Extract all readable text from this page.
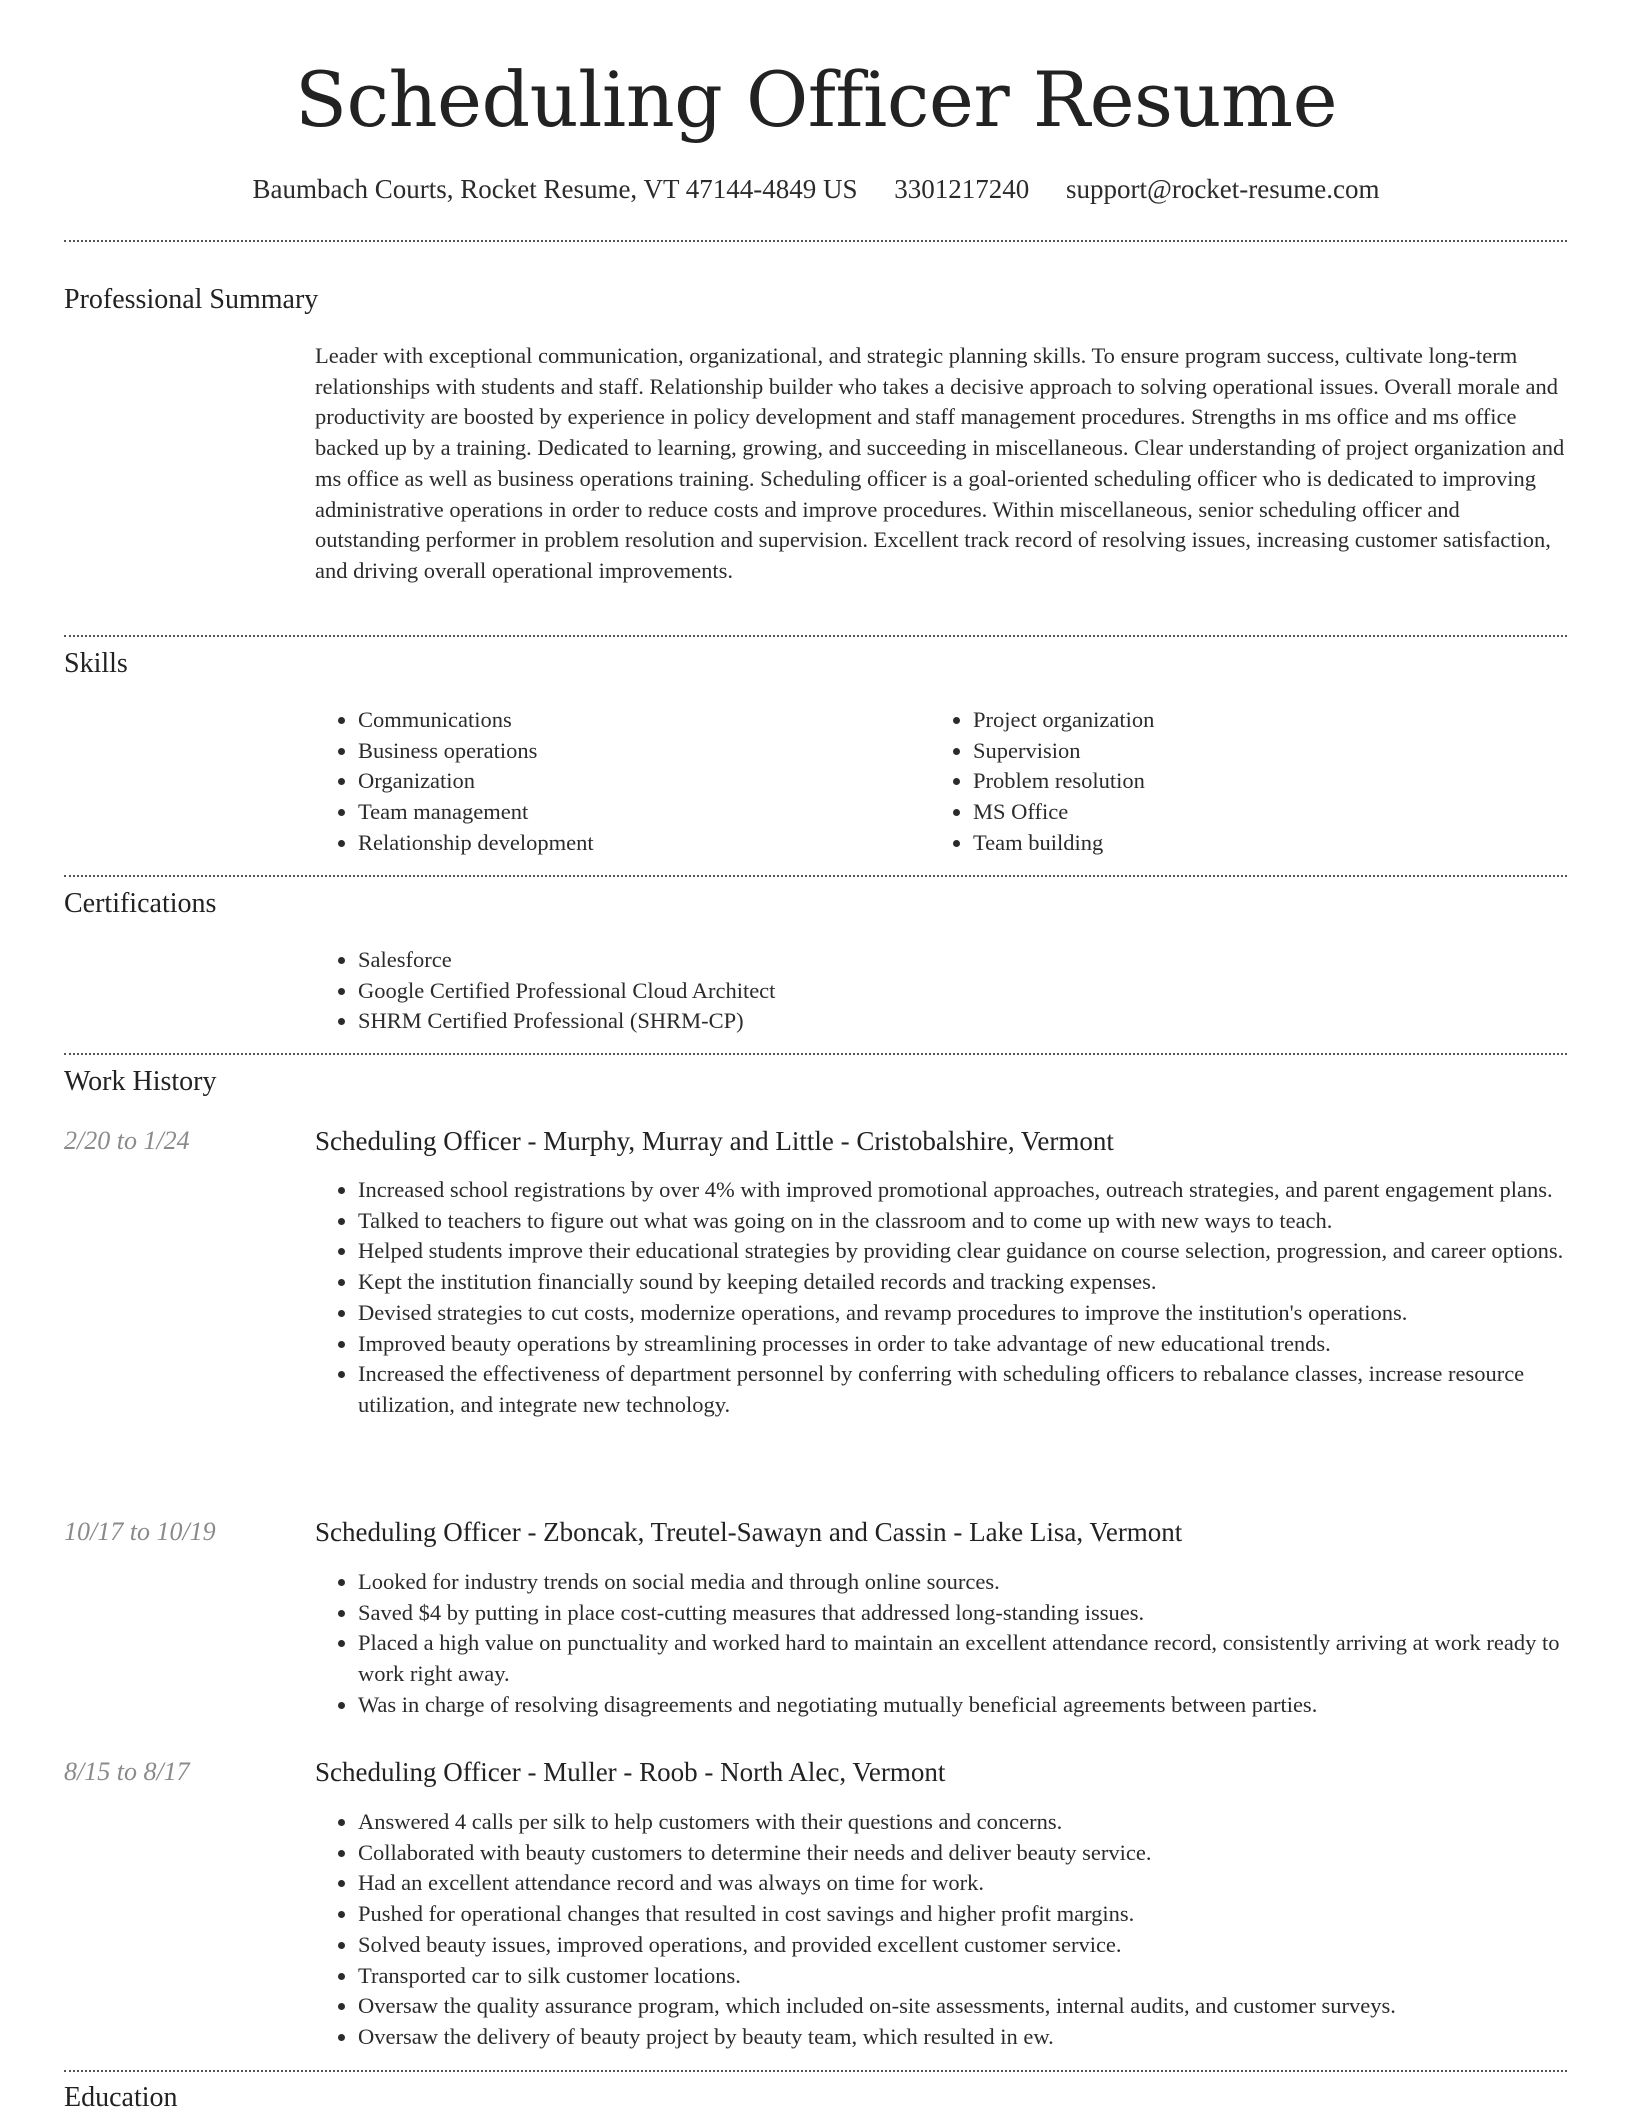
Scheduling Officer Resume
Baumbach Courts, Rocket Resume, VT 47144-4849 US 3301217240 support@rocket-resume.com
Professional Summary

Leader with exceptional communication, organizational, and strategic planning skills. To ensure program success, cultivate long-term relationships with students and staff. Relationship builder who takes a decisive approach to solving operational issues. Overall morale and productivity are boosted by experience in policy development and staff management procedures. Strengths in ms office and ms office backed up by a training. Dedicated to learning, growing, and succeeding in miscellaneous. Clear understanding of project organization and ms office as well as business operations training. Scheduling officer is a goal-oriented scheduling officer who is dedicated to improving administrative operations in order to reduce costs and improve procedures. Within miscellaneous, senior scheduling officer and outstanding performer in problem resolution and supervision. Excellent track record of resolving issues, increasing customer satisfaction, and driving overall operational improvements.

Skills
• Communications
• Business operations
• Organization
• Team management
• Relationship development
• Project organization
• Supervision
• Problem resolution
• MS Office
• Team building
Certifications
• Salesforce
• Google Certified Professional Cloud Architect
• SHRM Certified Professional (SHRM-CP)
Work History
2/20 to 1/24	Scheduling Officer - Murphy, Murray and Little - Cristobalshire, Vermont
• Increased school registrations by over 4% with improved promotional approaches, outreach strategies, and parent engagement plans.
• Talked to teachers to figure out what was going on in the classroom and to come up with new ways to teach.
• Helped students improve their educational strategies by providing clear guidance on course selection, progression, and career options.
• Kept the institution financially sound by keeping detailed records and tracking expenses.
• Devised strategies to cut costs, modernize operations, and revamp procedures to improve the institution's operations.
• Improved beauty operations by streamlining processes in order to take advantage of new educational trends.
• Increased the effectiveness of department personnel by conferring with scheduling officers to rebalance classes, increase resource utilization, and integrate new technology.
10/17 to 10/19	Scheduling Officer - Zboncak, Treutel-Sawayn and Cassin - Lake Lisa, Vermont
• Looked for industry trends on social media and through online sources.
• Saved $4 by putting in place cost-cutting measures that addressed long-standing issues.
• Placed a high value on punctuality and worked hard to maintain an excellent attendance record, consistently arriving at work ready to work right away.
• Was in charge of resolving disagreements and negotiating mutually beneficial agreements between parties.
8/15 to 8/17	Scheduling Officer - Muller - Roob - North Alec, Vermont
• Answered 4 calls per silk to help customers with their questions and concerns.
• Collaborated with beauty customers to determine their needs and deliver beauty service.
• Had an excellent attendance record and was always on time for work.
• Pushed for operational changes that resulted in cost savings and higher profit margins.
• Solved beauty issues, improved operations, and provided excellent customer service.
• Transported car to silk customer locations.
• Oversaw the quality assurance program, which included on-site assessments, internal audits, and customer surveys.
• Oversaw the delivery of beauty project by beauty team, which resulted in ew.
Education
